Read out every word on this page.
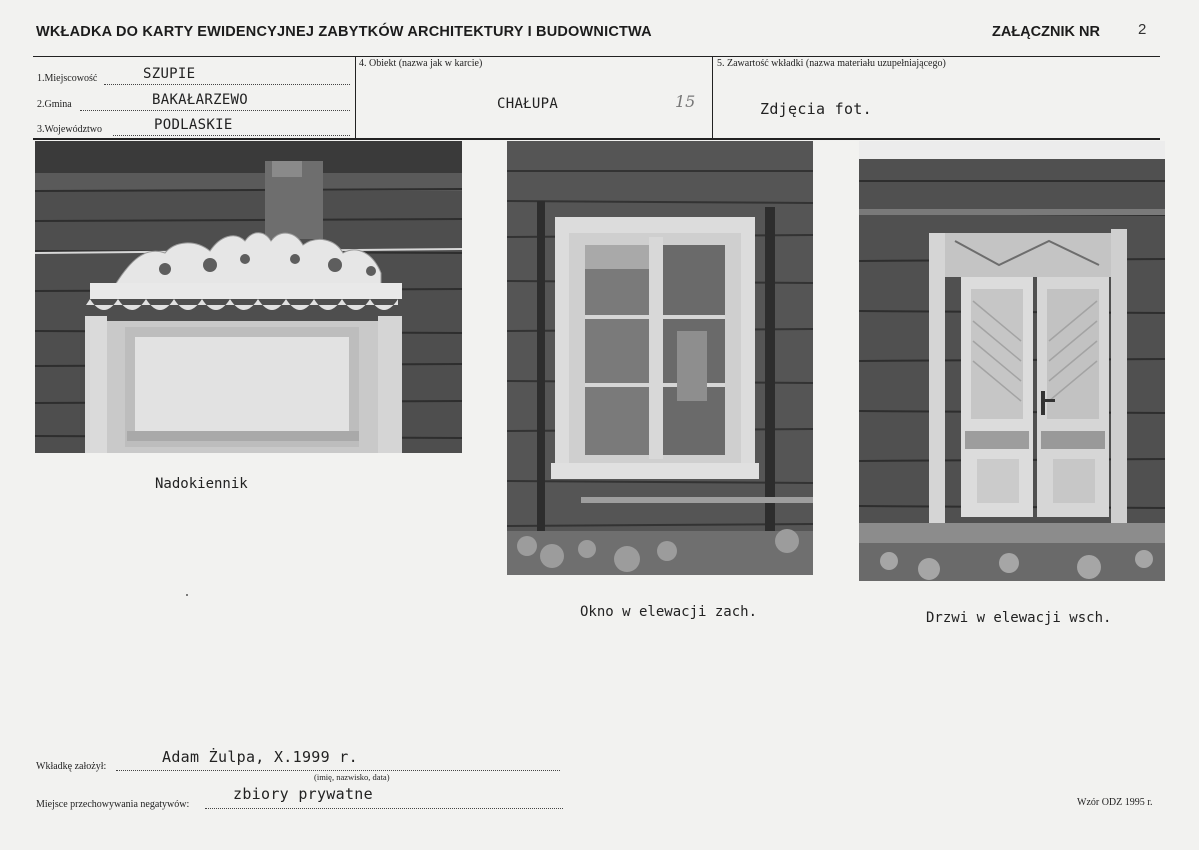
WKŁADKA DO KARTY EWIDENCYJNEJ ZABYTKÓW ARCHITEKTURY I BUDOWNICTWA	ZAŁĄCZNIK NR	2
1.Miejscowość	SZUPIE
2.Gmina	BAKAŁARZEWO
3.Województwo	PODLASKIE
4. Obiekt (nazwa jak w karcie)
CHAŁUPA	15
5. Zawartość wkładki (nazwa materiału uzupełniającego)
Zdjęcia fot.
Nadokiennik
Okno w elewacji zach.	Drzwi w elewacji wsch.
Wkładkę założył:
Adam Żulpa, X.1999 r.
(imię, nazwisko, data)
Miejsce przechowywania negatywów:
zbiory prywatne	Wzór ODZ 1995 r.
